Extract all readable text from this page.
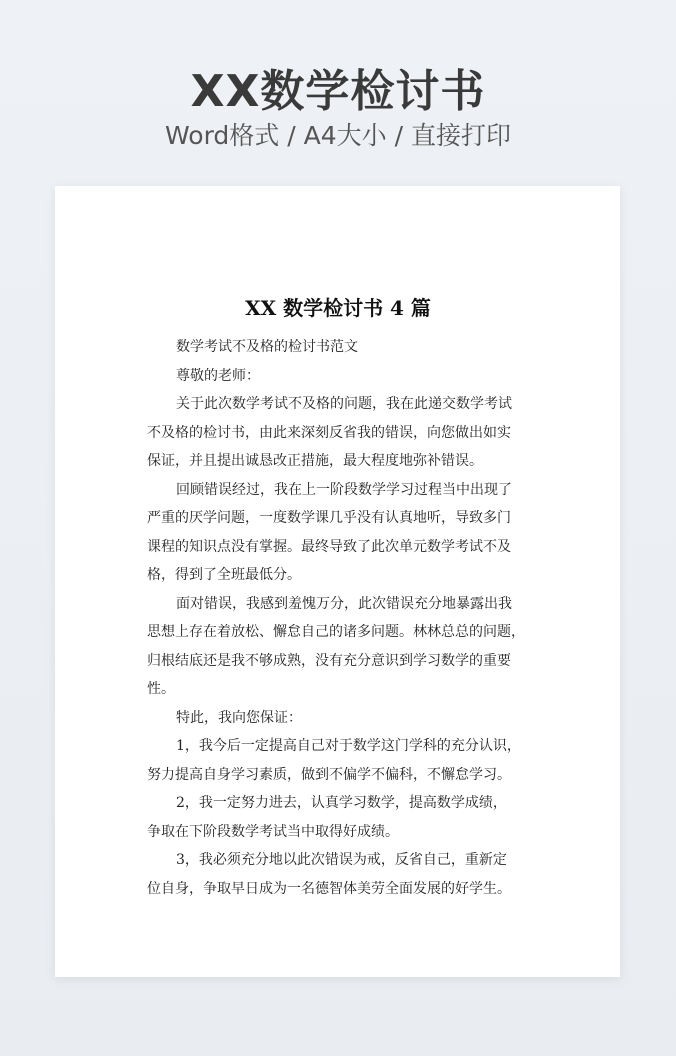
XX数学检讨书
Word格式 / A4大小 / 直接打印
XX 数学检讨书 4 篇
数学考试不及格的检讨书范文
尊敬的老师：
关于此次数学考试不及格的问题，我在此递交数学考试
不及格的检讨书，由此来深刻反省我的错误，向您做出如实
保证，并且提出诚恳改正措施，最大程度地弥补错误。
回顾错误经过，我在上一阶段数学学习过程当中出现了
严重的厌学问题，一度数学课几乎没有认真地听，导致多门
课程的知识点没有掌握。最终导致了此次单元数学考试不及
格，得到了全班最低分。
面对错误，我感到羞愧万分，此次错误充分地暴露出我
思想上存在着放松、懈怠自己的诸多问题。林林总总的问题，
归根结底还是我不够成熟，没有充分意识到学习数学的重要
性。
特此，我向您保证：
1，我今后一定提高自己对于数学这门学科的充分认识，
努力提高自身学习素质，做到不偏学不偏科，不懈怠学习。
2，我一定努力进去，认真学习数学，提高数学成绩，
争取在下阶段数学考试当中取得好成绩。
3，我必须充分地以此次错误为戒，反省自己，重新定
位自身，争取早日成为一名德智体美劳全面发展的好学生。
